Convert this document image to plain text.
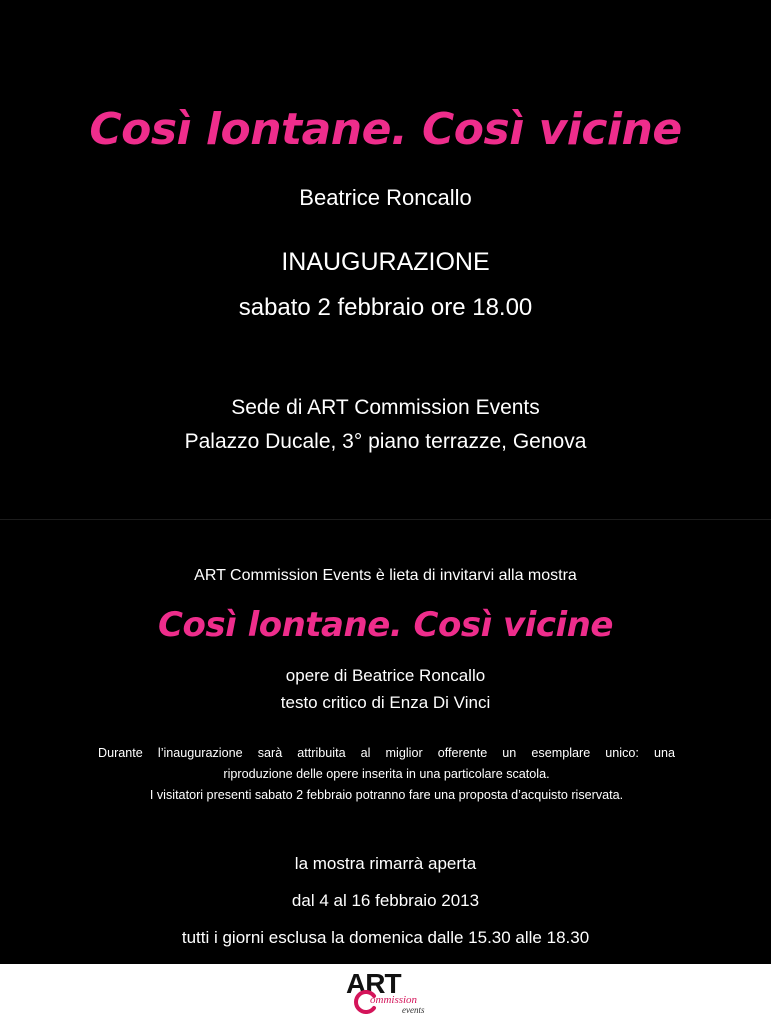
Così lontane. Così vicine
Beatrice Roncallo
INAUGURAZIONE
sabato 2 febbraio ore 18.00
Sede di ART Commission Events
Palazzo Ducale, 3° piano terrazze, Genova
ART Commission Events è lieta di invitarvi alla mostra
Così lontane. Così vicine
opere di Beatrice Roncallo
testo critico di Enza Di Vinci

Durante l’inaugurazione sarà attribuita al miglior offerente un esemplare unico: una

riproduzione delle opere inserita in una particolare scatola.

I visitatori presenti sabato 2 febbraio potranno fare una proposta d’acquisto riservata.

la mostra rimarrà aperta
dal 4 al 16 febbraio 2013
tutti i giorni esclusa la domenica dalle 15.30 alle 18.30
ART
ommission
events
